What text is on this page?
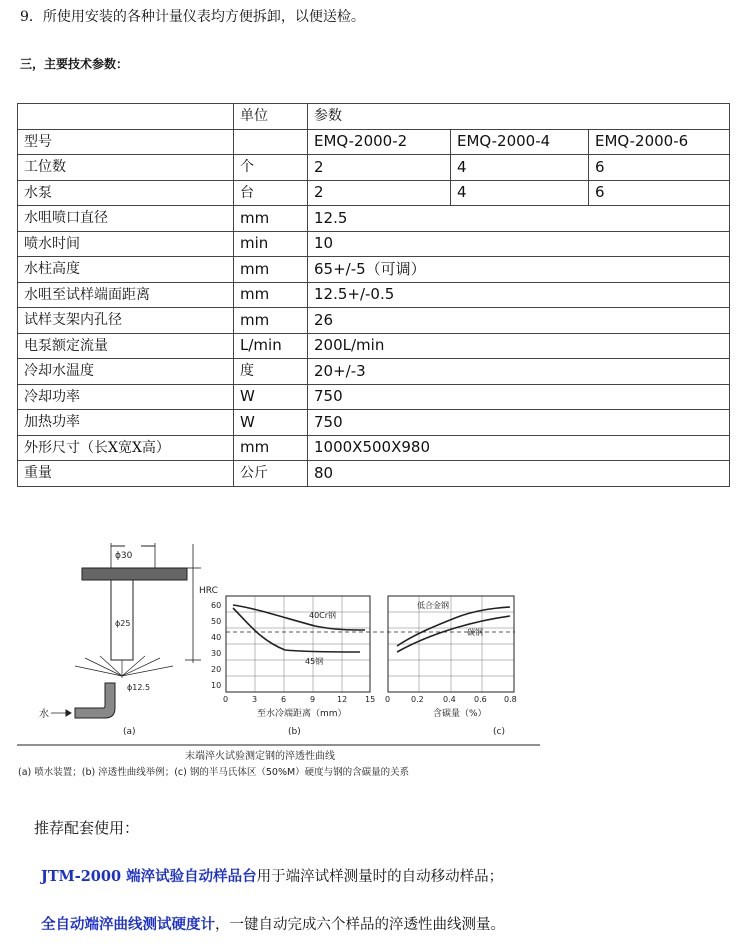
9．所使用安装的各种计量仪表均方便拆卸，以便送检。
三，主要技术参数：
	单位	参数		
型号		EMQ-2000-2	EMQ-2000-4	EMQ-2000-6
工位数	个	2	4	6
水泵	台	2	4	6
水咀喷口直径	mm	12.5		
喷水时间	min	10		
水柱高度	mm	65+/-5（可调）		
水咀至试样端面距离	mm	12.5+/-0.5		
试样支架内孔径	mm	26		
电泵额定流量	L/min	200L/min		
冷却水温度	度	20+/-3		
冷却功率	W	750		
加热功率	W	750		
外形尺寸（长X宽X高）	mm	1000X500X980		
重量	公斤	80		
ϕ30
ϕ25
ϕ12.5
水
(a)
HRC
60
50
40
30
20
10
40Cr钢
45钢
0	3	6	9	12 15
至水冷端距离（mm）
(b)
低合金钢
碳钢
0	0.2 0.4 0.6 0.8
含碳量（%）
(c)
末端淬火试验测定钢的淬透性曲线
(a) 喷水装置；(b) 淬透性曲线举例；(c) 钢的半马氏体区（50%M）硬度与钢的含碳量的关系
推荐配套使用：
JTM-2000 端淬试验自动样品台用于端淬试样测量时的自动移动样品；
全自动端淬曲线测试硬度计，一键自动完成六个样品的淬透性曲线测量。
